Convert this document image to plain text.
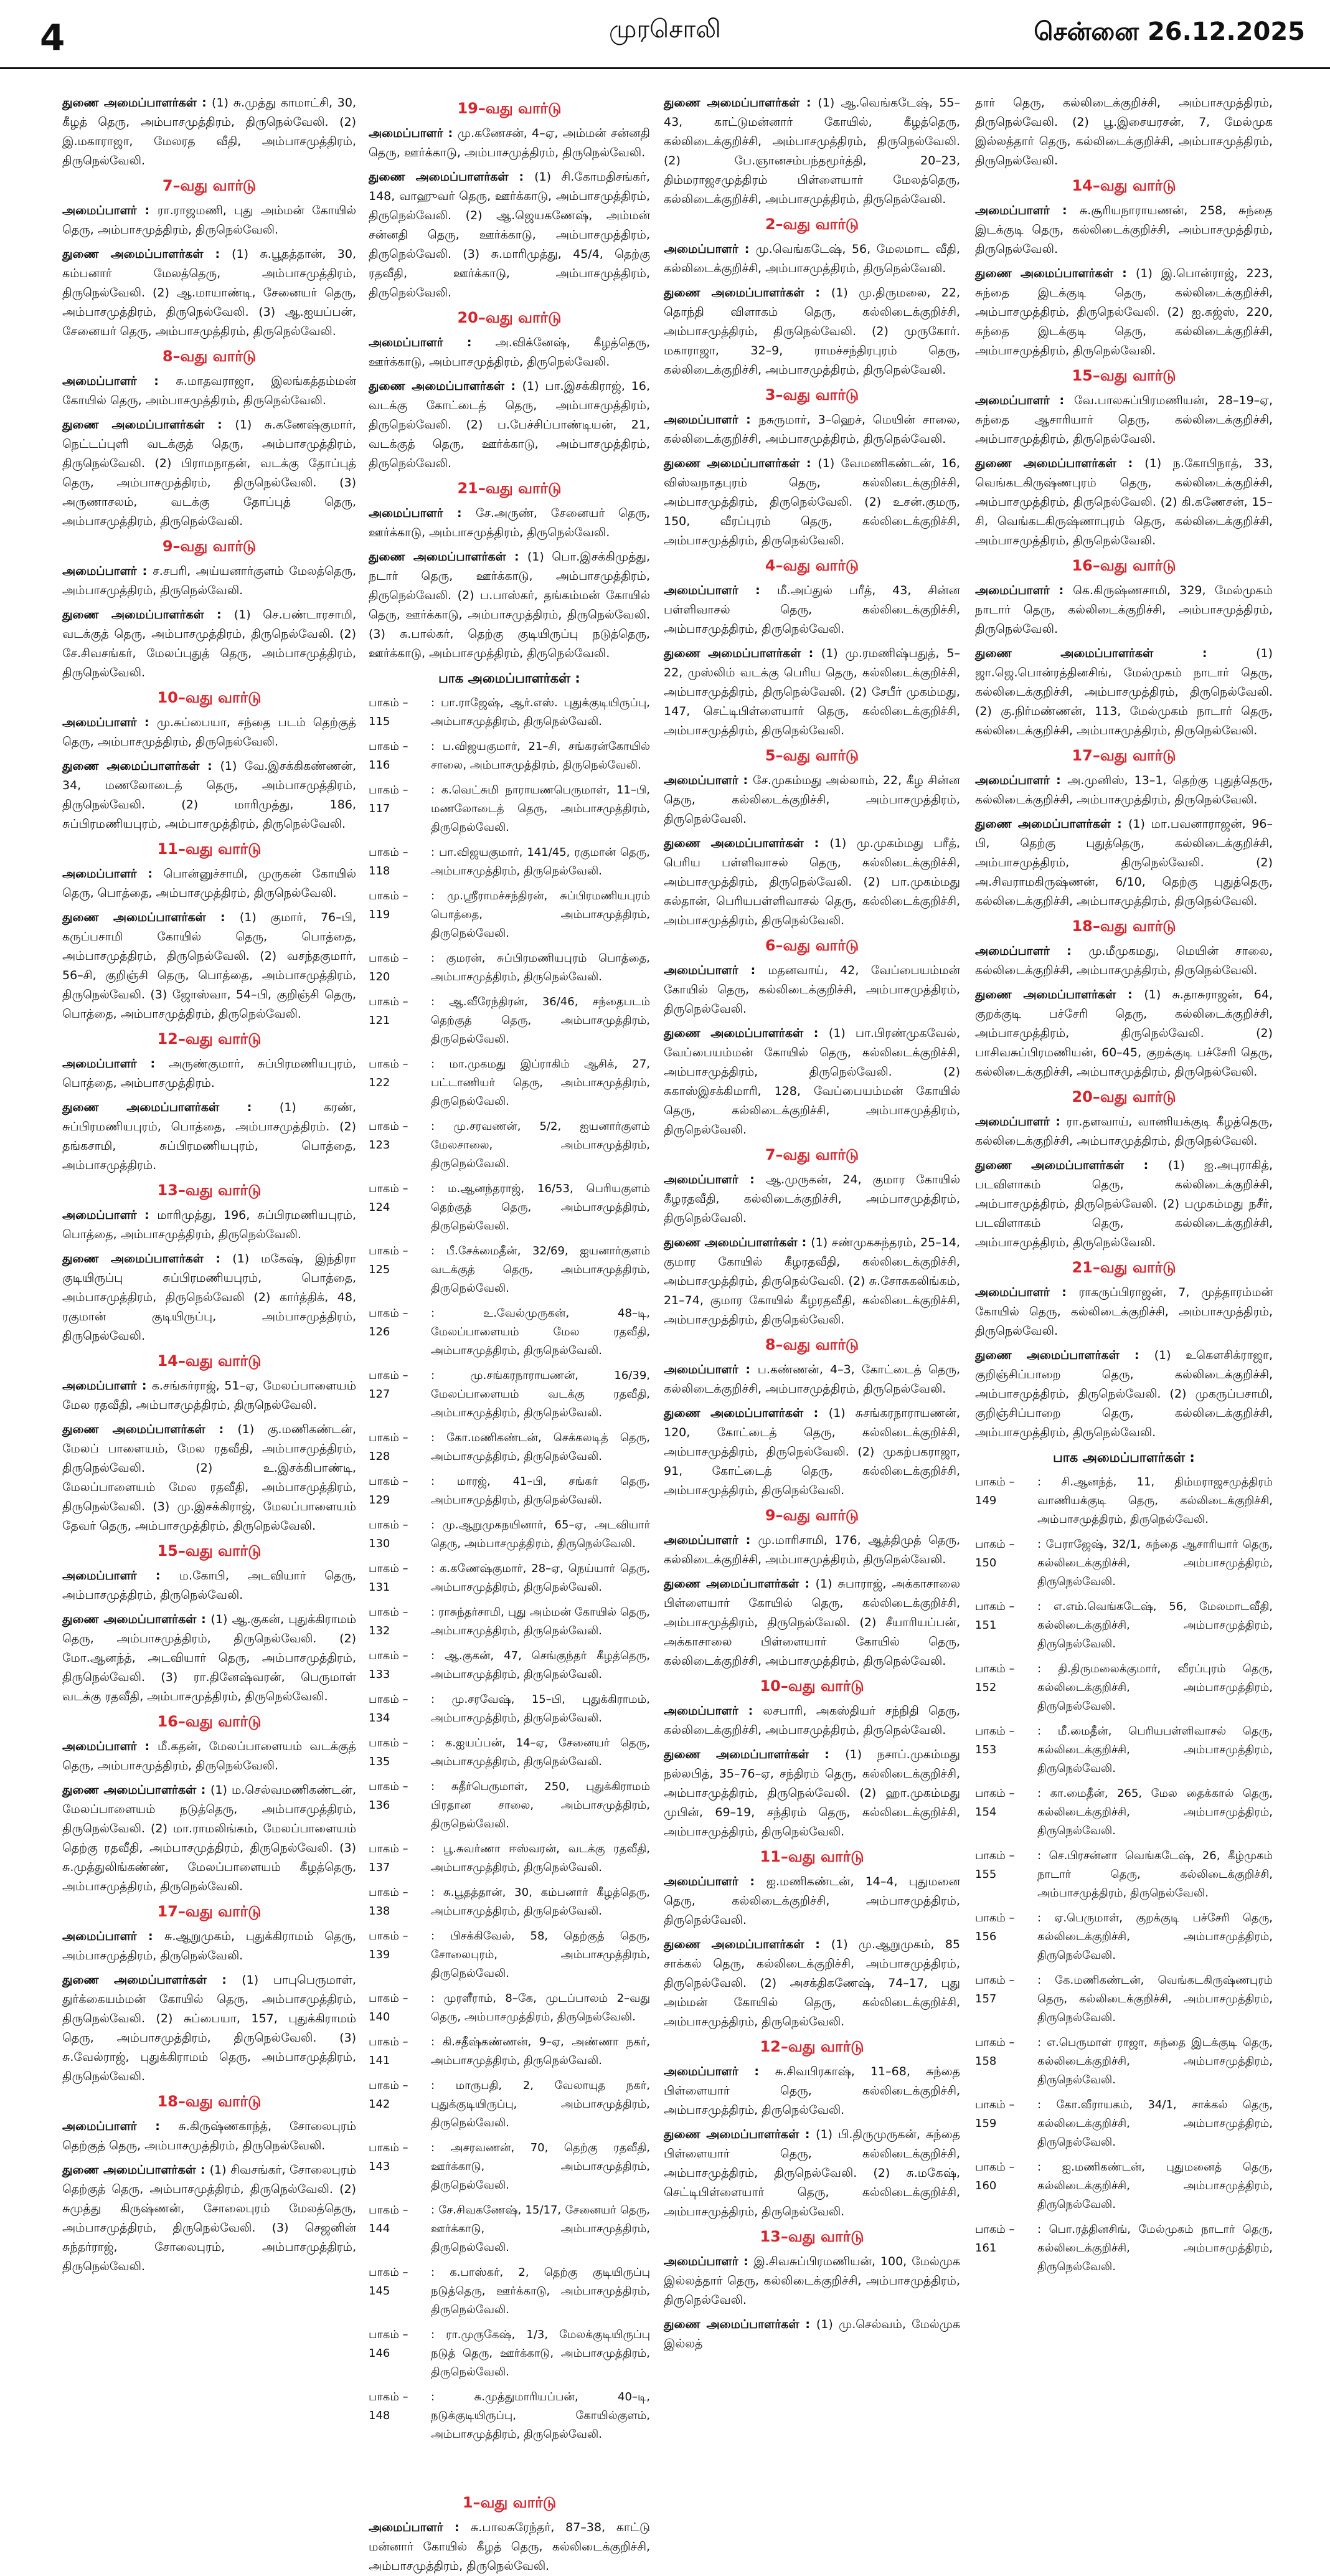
4	முரசொலி	சென்னை 26.12.2025

துணை அமைப்பாளர்கள் : (1) சு.முத்து காமாட்சி, 30, கீழத் தெரு, அம்பாசமுத்திரம், திருநெல்வேலி. (2) இ.மகாராஜா, மேலரத வீதி, அம்பாசமுத்திரம், திருநெல்வேலி.

7–வது வார்டு

அமைப்பாளர் : ரா.ராஜமணி, புது அம்மன் கோயில் தெரு, அம்பாசமுத்திரம், திருநெல்வேலி.

துணை அமைப்பாளர்கள் : (1) சு.பூதத்தான், 30, கம்பனார் மேலத்தெரு, அம்பாசமுத்திரம், திருநெல்வேலி. (2) ஆ.மாயாண்டி, சேனையர் தெரு, அம்பாசமுத்திரம், திருநெல்வேலி. (3) ஆ.ஐயப்பன், சேனையர் தெரு, அம்பாசமுத்திரம், திருநெல்வேலி.

8–வது வார்டு

அமைப்பாளர் : சு.மாதவராஜா, இலங்கத்தம்மன் கோயில் தெரு, அம்பாசமுத்திரம், திருநெல்வேலி.

துணை அமைப்பாளர்கள் : (1) சு.கணேஷ்குமார், நெட்டப்புளி வடக்குத் தெரு, அம்பாசமுத்திரம், திருநெல்வேலி. (2) பிராமநாதன், வடக்கு தோப்புத் தெரு, அம்பாசமுத்திரம், திருநெல்வேலி. (3) அருணாசலம், வடக்கு தோப்புத் தெரு, அம்பாசமுத்திரம், திருநெல்வேலி.

9–வது வார்டு

அமைப்பாளர் : ச.சபரி, அய்யனார்குளம் மேலத்தெரு, அம்பாசமுத்திரம், திருநெல்வேலி.

துணை அமைப்பாளர்கள் : (1) செ.பண்டாரசாமி, வடக்குத் தெரு, அம்பாசமுத்திரம், திருநெல்வேலி. (2) சே.சிவசங்கர், மேலப்புதுத் தெரு, அம்பாசமுத்திரம், திருநெல்வேலி.

10–வது வார்டு

அமைப்பாளர் : மு.சுப்பையா, சந்தை படம் தெற்குத் தெரு, அம்பாசமுத்திரம், திருநெல்வேலி.

துணை அமைப்பாளர்கள் : (1) வே.இசக்கிகண்ணன், 34, மணலோடைத் தெரு, அம்பாசமுத்திரம், திருநெல்வேலி. (2) மாரிமுத்து, 186, சுப்பிரமணியபுரம், அம்பாசமுத்திரம், திருநெல்வேலி.

11–வது வார்டு

அமைப்பாளர் : பொன்னுச்சாமி, முருகன் கோயில் தெரு, பொத்தை, அம்பாசமுத்திரம், திருநெல்வேலி.

துணை அமைப்பாளர்கள் : (1) குமார், 76–பி, கருப்பசாமி கோயில் தெரு, பொத்தை, அம்பாசமுத்திரம், திருநெல்வேலி. (2) வசந்தகுமார், 56–சி, குறிஞ்சி தெரு, பொத்தை, அம்பாசமுத்திரம், திருநெல்வேலி. (3) ஜோஸ்வா, 54–பி, குறிஞ்சி தெரு, பொத்தை, அம்பாசமுத்திரம், திருநெல்வேலி.

12–வது வார்டு

அமைப்பாளர் : அருண்குமார், சுப்பிரமணியபுரம், பொத்தை, அம்பாசமுத்திரம்.

துணை அமைப்பாளர்கள் : (1) கரண், சுப்பிரமணியபுரம், பொத்தை, அம்பாசமுத்திரம். (2) தங்கசாமி, சுப்பிரமணியபுரம், பொத்தை, அம்பாசமுத்திரம்.

13–வது வார்டு

அமைப்பாளர் : மாரிமுத்து, 196, சுப்பிரமணியபுரம், பொத்தை, அம்பாசமுத்திரம், திருநெல்வேலி.

துணை அமைப்பாளர்கள் : (1) மகேஷ், இந்திரா குடியிருப்பு சுப்பிரமணியபுரம், பொத்தை, அம்பாசமுத்திரம், திருநெல்வேலி (2) கார்த்திக், 48, ரகுமான் குடியிருப்பு, அம்பாசமுத்திரம், திருநெல்வேலி.

14–வது வார்டு

அமைப்பாளர் : க.சங்கர்ராஜ், 51–ஏ, மேலப்பாளையம் மேல ரதவீதி, அம்பாசமுத்திரம், திருநெல்வேலி.

துணை அமைப்பாளர்கள் : (1) கு.மணிகண்டன், மேலப் பாளையம், மேல ரதவீதி, அம்பாசமுத்திரம், திருநெல்வேலி. (2) உ.இசக்கிபாண்டி, மேலப்பாளையம் மேல ரதவீதி, அம்பாசமுத்திரம், திருநெல்வேலி. (3) மு.இசக்கிராஜ், மேலப்பாளையம் தேவர் தெரு, அம்பாசமுத்திரம், திருநெல்வேலி.

15–வது வார்டு

அமைப்பாளர் : ம.கோபி, அடவியார் தெரு, அம்பாசமுத்திரம், திருநெல்வேலி.

துணை அமைப்பாளர்கள் : (1) ஆ.குகன், புதுக்கிராமம் தெரு, அம்பாசமுத்திரம், திருநெல்வேலி. (2) மோ.ஆனந்த், அடவியார் தெரு, அம்பாசமுத்திரம், திருநெல்வேலி. (3) ரா.தினேஷ்வரன், பெருமாள் வடக்கு ரதவீதி, அம்பாசமுத்திரம், திருநெல்வேலி.

16–வது வார்டு

அமைப்பாளர் : மீ.கதன், மேலப்பாளையம் வடக்குத் தெரு, அம்பாசமுத்திரம், திருநெல்வேலி.

துணை அமைப்பாளர்கள் : (1) ம.செல்வமணிகண்டன், மேலப்பாளையம் நடுத்தெரு, அம்பாசமுத்திரம், திருநெல்வேலி. (2) மா.ராமலிங்கம், மேலப்பாளையம் தெற்கு ரதவீதி, அம்பாசமுத்திரம், திருநெல்வேலி. (3) சு.முத்துலிங்கண்ண், மேலப்பாளையம் கீழத்தெரு, அம்பாசமுத்திரம், திருநெல்வேலி.

17–வது வார்டு

அமைப்பாளர் : சு.ஆறுமுகம், புதுக்கிராமம் தெரு, அம்பாசமுத்திரம், திருநெல்வேலி.

துணை அமைப்பாளர்கள் : (1) பாபுபெருமாள், துர்க்கையம்மன் கோயில் தெரு, அம்பாசமுத்திரம், திருநெல்வேலி. (2) சுப்பையா, 157, புதுக்கிராமம் தெரு, அம்பாசமுத்திரம், திருநெல்வேலி. (3) சு.வேல்ராஜ், புதுக்கிராமம் தெரு, அம்பாசமுத்திரம், திருநெல்வேலி.

18–வது வார்டு

அமைப்பாளர் : சு.கிருஷ்ணகாந்த், சோலைபுரம் தெற்குத் தெரு, அம்பாசமுத்திரம், திருநெல்வேலி.

துணை அமைப்பாளர்கள் : (1) சிவசங்கர், சோலைபுரம் தெற்குத் தெரு, அம்பாசமுத்திரம், திருநெல்வேலி. (2) சுமுத்து கிருஷ்ணன், சோலைபுரம் மேலத்தெரு, அம்பாசமுத்திரம், திருநெல்வேலி. (3) செஜனின் சுந்தர்ராஜ், சோலைபுரம், அம்பாசமுத்திரம், திருநெல்வேலி.

19–வது வார்டு

அமைப்பாளர் : மு.கணேசன், 4–ஏ, அம்மன் சன்னதி தெரு, ஊர்க்காடு, அம்பாசமுத்திரம், திருநெல்வேலி.

துணை அமைப்பாளர்கள் : (1) சி.கோமதிசங்கர், 148, வாஹுவர் தெரு, ஊர்க்காடு, அம்பாசமுத்திரம், திருநெல்வேலி. (2) ஆ.ஜெயகணேஷ், அம்மன் சன்னதி தெரு, ஊர்க்காடு, அம்பாசமுத்திரம், திருநெல்வேலி. (3) சு.மாரிமுத்து, 45/4, தெற்கு ரதவீதி, ஊர்க்காடு, அம்பாசமுத்திரம், திருநெல்வேலி.

20–வது வார்டு

அமைப்பாளர் : அ.விக்னேஷ், கீழத்தெரு, ஊர்க்காடு, அம்பாசமுத்திரம், திருநெல்வேலி.

துணை அமைப்பாளர்கள் : (1) பா.இசக்கிராஜ், 16, வடக்கு கோட்டைத் தெரு, அம்பாசமுத்திரம், திருநெல்வேலி. (2) ப.பேச்சிப்பாண்டியன், 21, வடக்குத் தெரு, ஊர்க்காடு, அம்பாசமுத்திரம், திருநெல்வேலி.

21–வது வார்டு

அமைப்பாளர் : சே.அருண், சேனையர் தெரு, ஊர்க்காடு, அம்பாசமுத்திரம், திருநெல்வேலி.

துணை அமைப்பாளர்கள் : (1) பொ.இசக்கிமுத்து, நடார் தெரு, ஊர்க்காடு, அம்பாசமுத்திரம், திருநெல்வேலி. (2) ப.பாஸ்கர், தங்கம்மன் கோயில் தெரு, ஊர்க்காடு, அம்பாசமுத்திரம், திருநெல்வேலி. (3) சு.பால்கர், தெற்கு குடியிருப்பு நடுத்தெரு, ஊர்க்காடு, அம்பாசமுத்திரம், திருநெல்வேலி.

பாக அமைப்பாளர்கள் :
பாகம் – 115
: பா.ராஜேஷ், ஆர்.எஸ். புதுக்குடியிருப்பு, அம்பாசமுத்திரம், திருநெல்வேலி.
பாகம் – 116
: ப.விஜயகுமார், 21–சி, சங்கரன்கோயில் சாலை, அம்பாசமுத்திரம், திருநெல்வேலி.
பாகம் – 117
: க.வெட்சுமி நாராயணபெருமாள், 11–பி, மணலோடைத் தெரு, அம்பாசமுத்திரம், திருநெல்வேலி.
பாகம் – 118
: பா.விஜயகுமார், 141/45, ரகுமான் தெரு, அம்பாசமுத்திரம், திருநெல்வேலி.
பாகம் – 119
: மு.ஸ்ரீராமச்சந்திரன், சுப்பிரமணியபுரம் பொத்தை, அம்பாசமுத்திரம், திருநெல்வேலி.
பாகம் – 120
: குமரன், சுப்பிரமணியபுரம் பொத்தை, அம்பாசமுத்திரம், திருநெல்வேலி.
பாகம் – 121
: ஆ.வீரேந்திரன், 36/46, சந்தைபடம் தெற்குத் தெரு, அம்பாசமுத்திரம், திருநெல்வேலி.
பாகம் – 122
: மா.முகமது இப்ராகிம் ஆசிக், 27, பட்டாணியர் தெரு, அம்பாசமுத்திரம், திருநெல்வேலி.
பாகம் – 123
: மு.சரவணன், 5/2, ஐயனார்குளம் மேலசாலை, அம்பாசமுத்திரம், திருநெல்வேலி.
பாகம் – 124
: ம.ஆனந்தராஜ், 16/53, பெரியகுளம் தெற்குத் தெரு, அம்பாசமுத்திரம், திருநெல்வேலி.
பாகம் – 125
: பீ.சேக்மைதீன், 32/69, ஐயனார்குளம் வடக்குத் தெரு, அம்பாசமுத்திரம், திருநெல்வேலி.
பாகம் – 126
: உ.வேல்முருகன், 48–டி, மேலப்பாளையம் மேல ரதவீதி, அம்பாசமுத்திரம், திருநெல்வேலி.
பாகம் – 127
: மு.சங்கரநாராயணன், 16/39, மேலப்பாளையம் வடக்கு ரதவீதி, அம்பாசமுத்திரம், திருநெல்வேலி.
பாகம் – 128
: கோ.மணிகண்டன், செக்கலடித் தெரு, அம்பாசமுத்திரம், திருநெல்வேலி.
பாகம் – 129
: மாரஜ், 41–பி, சங்கர் தெரு, அம்பாசமுத்திரம், திருநெல்வேலி.
பாகம் – 130
: மு.ஆறுமுகநயினார், 65–ஏ, அடவியார் தெரு, அம்பாசமுத்திரம், திருநெல்வேலி.
பாகம் – 131
: க.கணேஷ்குமார், 28–ஏ, நெய்யார் தெரு, அம்பாசமுத்திரம், திருநெல்வேலி.
பாகம் – 132
: ராசுந்தர்சாமி, புது அம்மன் கோயில் தெரு, அம்பாசமுத்திரம், திருநெல்வேலி.
பாகம் – 133
: ஆ.குகன், 47, செங்குந்தர் கீழத்தெரு, அம்பாசமுத்திரம், திருநெல்வேலி.
பாகம் – 134
: மு.சரவேஷ், 15–பி, புதுக்கிராமம், அம்பாசமுத்திரம், திருநெல்வேலி.
பாகம் – 135
: க.ஐயப்பன், 14–ஏ, சேனையர் தெரு, அம்பாசமுத்திரம், திருநெல்வேலி.
பாகம் – 136
: சுதீர்பெருமாள், 250, புதுக்கிராமம் பிரதான சாலை, அம்பாசமுத்திரம், திருநெல்வேலி.
பாகம் – 137
: பூ.சுவர்ணா ஈஸ்வரன், வடக்கு ரதவீதி, அம்பாசமுத்திரம், திருநெல்வேலி.
பாகம் – 138
: சு.பூதத்தான், 30, கம்பனார் கீழத்தெரு, அம்பாசமுத்திரம், திருநெல்வேலி.
பாகம் – 139
: பிசக்கிவேல், 58, தெற்குத் தெரு, சோலைபுரம், அம்பாசமுத்திரம், திருநெல்வேலி.
பாகம் – 140
: முரளீராம், 8–கே, முடப்பாலம் 2–வது தெரு, அம்பாசமுத்திரம், திருநெல்வேலி.
பாகம் – 141
: கி.சதீஷ்கண்ணன், 9–ஏ, அண்ணா நகர், அம்பாசமுத்திரம், திருநெல்வேலி.
பாகம் – 142
: மாருபதி, 2, வேலாயுத நகர், புதுக்குடியிருப்பு, அம்பாசமுத்திரம், திருநெல்வேலி.
பாகம் – 143
: அசரவணன், 70, தெற்கு ரதவீதி, ஊர்க்காடு, அம்பாசமுத்திரம், திருநெல்வேலி.
பாகம் – 144
: சே.சிவகணேஷ், 15/17, சேனையர் தெரு, ஊர்க்காடு, அம்பாசமுத்திரம், திருநெல்வேலி.
பாகம் – 145
: க.பாஸ்கர், 2, தெற்கு குடியிருப்பு நடுத்தெரு, ஊர்க்காடு, அம்பாசமுத்திரம், திருநெல்வேலி.
பாகம் – 146
: ரா.முருகேஷ், 1/3, மேலக்குடியிருப்பு நடுத் தெரு, ஊர்க்காடு, அம்பாசமுத்திரம், திருநெல்வேலி.
பாகம் – 148
: சு.முத்துமாரியப்பன், 40–டி, நடுக்குடியிருப்பு, கோயில்குளம், அம்பாசமுத்திரம், திருநெல்வேலி.
1–வது வார்டு

அமைப்பாளர் : சு.பாலசுரேந்தர், 87–38, காட்டு மன்னார் கோயில் கீழத் தெரு, கல்லிடைக்குறிச்சி, அம்பாசமுத்திரம், திருநெல்வேலி.

துணை அமைப்பாளர்கள் : (1) ஆ.வெங்கடேஷ், 55–43, காட்டுமன்னார் கோயில், கீழத்தெரு, கல்லிடைக்குறிச்சி, அம்பாசமுத்திரம், திருநெல்வேலி. (2) பே.ஞானசம்பந்தமூர்த்தி, 20–23, திம்மராஜசமுத்திரம் பிள்ளையார் மேலத்தெரு, கல்லிடைக்குறிச்சி, அம்பாசமுத்திரம், திருநெல்வேலி.

2–வது வார்டு

அமைப்பாளர் : மு.வெங்கடேஷ், 56, மேலமாட வீதி, கல்லிடைக்குறிச்சி, அம்பாசமுத்திரம், திருநெல்வேலி.

துணை அமைப்பாளர்கள் : (1) மு.திருமலை, 22, தொந்தி விளாகம் தெரு, கல்லிடைக்குறிச்சி, அம்பாசமுத்திரம், திருநெல்வேலி. (2) முருகோர். மகாராஜா, 32–9, ராமச்சந்திரபுரம் தெரு, கல்லிடைக்குறிச்சி, அம்பாசமுத்திரம், திருநெல்வேலி.

3–வது வார்டு

அமைப்பாளர் : நசுருமார், 3–ஹெச், மெயின் சாலை, கல்லிடைக்குறிச்சி, அம்பாசமுத்திரம், திருநெல்வேலி.

துணை அமைப்பாளர்கள் : (1) வேமணிகண்டன், 16, விஸ்வநாதபுரம் தெரு, கல்லிடைக்குறிச்சி, அம்பாசமுத்திரம், திருநெல்வேலி. (2) உசன்.குமரு, 150, வீரப்புரம் தெரு, கல்லிடைக்குறிச்சி, அம்பாசமுத்திரம், திருநெல்வேலி.

4–வது வார்டு

அமைப்பாளர் : மீ.அப்துல் பரீத், 43, சின்ன பள்ளிவாசல் தெரு, கல்லிடைக்குறிச்சி, அம்பாசமுத்திரம், திருநெல்வேலி.

துணை அமைப்பாளர்கள் : (1) மு.ரமணிஷ்பதுத், 5–22, முஸ்லிம் வடக்கு பெரிய தெரு, கல்லிடைக்குறிச்சி, அம்பாசமுத்திரம், திருநெல்வேலி. (2) சேபீர் முகம்மது, 147, செட்டிபிள்ளையார் தெரு, கல்லிடைக்குறிச்சி, அம்பாசமுத்திரம், திருநெல்வேலி.

5–வது வார்டு

அமைப்பாளர் : சே.முகம்மது அல்லாம், 22, கீழ சின்ன தெரு, கல்லிடைக்குறிச்சி, அம்பாசமுத்திரம், திருநெல்வேலி.

துணை அமைப்பாளர்கள் : (1) மு.முகம்மது பரீத், பெரிய பள்ளிவாசல் தெரு, கல்லிடைக்குறிச்சி, அம்பாசமுத்திரம், திருநெல்வேலி. (2) பா.முகம்மது சுல்தான், பெரியபள்ளிவாசல் தெரு, கல்லிடைக்குறிச்சி, அம்பாசமுத்திரம், திருநெல்வேலி.

6–வது வார்டு

அமைப்பாளர் : மதனவாய், 42, வேப்பையம்மன் கோயில் தெரு, கல்லிடைக்குறிச்சி, அம்பாசமுத்திரம், திருநெல்வேலி.

துணை அமைப்பாளர்கள் : (1) பா.பிரண்முகவேல், வேப்பையம்மன் கோயில் தெரு, கல்லிடைக்குறிச்சி, அம்பாசமுத்திரம், திருநெல்வேலி. (2) சுகாஸ்இசக்கிமாரி, 128, வேப்பையம்மன் கோயில் தெரு, கல்லிடைக்குறிச்சி, அம்பாசமுத்திரம், திருநெல்வேலி.

7–வது வார்டு

அமைப்பாளர் : ஆ.முருகன், 24, குமார கோயில் கீழரதவீதி, கல்லிடைக்குறிச்சி, அம்பாசமுத்திரம், திருநெல்வேலி.

துணை அமைப்பாளர்கள் : (1) சண்முகசுந்தரம், 25–14, குமார கோயில் கீழரதவீதி, கல்லிடைக்குறிச்சி, அம்பாசமுத்திரம், திருநெல்வேலி. (2) சு.சோசுகலிங்கம், 21–74, குமார கோயில் கீழரதவீதி, கல்லிடைக்குறிச்சி, அம்பாசமுத்திரம், திருநெல்வேலி.

8–வது வார்டு

அமைப்பாளர் : ப.கண்ணன், 4–3, கோட்டைத் தெரு, கல்லிடைக்குறிச்சி, அம்பாசமுத்திரம், திருநெல்வேலி.

துணை அமைப்பாளர்கள் : (1) சுசங்கரநாராயணன், 120, கோட்டைத் தெரு, கல்லிடைக்குறிச்சி, அம்பாசமுத்திரம், திருநெல்வேலி. (2) முகற்பகராஜா, 91, கோட்டைத் தெரு, கல்லிடைக்குறிச்சி, அம்பாசமுத்திரம், திருநெல்வேலி.

9–வது வார்டு

அமைப்பாளர் : மு.மாரிசாமி, 176, ஆத்திமுத் தெரு, கல்லிடைக்குறிச்சி, அம்பாசமுத்திரம், திருநெல்வேலி.

துணை அமைப்பாளர்கள் : (1) சுபாராஜ், அக்காசாலை பிள்ளையார் கோயில் தெரு, கல்லிடைக்குறிச்சி, அம்பாசமுத்திரம், திருநெல்வேலி. (2) சீயாரியப்பன், அக்காசாலை பிள்ளையார் கோயில் தெரு, கல்லிடைக்குறிச்சி, அம்பாசமுத்திரம், திருநெல்வேலி.

10–வது வார்டு

அமைப்பாளர் : லசபாரி, அகஸ்தியர் சந்நிதி தெரு, கல்லிடைக்குறிச்சி, அம்பாசமுத்திரம், திருநெல்வேலி.

துணை அமைப்பாளர்கள் : (1) நசாப்.முகம்மது நல்லபித், 35–76–ஏ, சந்திரம் தெரு, கல்லிடைக்குறிச்சி, அம்பாசமுத்திரம், திருநெல்வேலி. (2) ஹா.முகம்மது முபின், 69–19, சந்திரம் தெரு, கல்லிடைக்குறிச்சி, அம்பாசமுத்திரம், திருநெல்வேலி.

11–வது வார்டு

அமைப்பாளர் : ஐ.மணிகண்டன், 14–4, புதுமனை தெரு, கல்லிடைக்குறிச்சி, அம்பாசமுத்திரம், திருநெல்வேலி.

துணை அமைப்பாளர்கள் : (1) மு.ஆறுமுகம், 85 சாக்கல் தெரு, கல்லிடைக்குறிச்சி, அம்பாசமுத்திரம், திருநெல்வேலி. (2) அசக்திகணேஷ், 74–17, புது அம்மன் கோயில் தெரு, கல்லிடைக்குறிச்சி, அம்பாசமுத்திரம், திருநெல்வேலி.

12–வது வார்டு

அமைப்பாளர் : சு.சிவபிரகாஷ், 11–68, சுந்தை பிள்ளையார் தெரு, கல்லிடைக்குறிச்சி, அம்பாசமுத்திரம், திருநெல்வேலி.

துணை அமைப்பாளர்கள் : (1) பி.திருமுருகன், சுந்தை பிள்ளையார் தெரு, கல்லிடைக்குறிச்சி, அம்பாசமுத்திரம், திருநெல்வேலி. (2) சு.மகேஷ், செட்டிபிள்ளையார் தெரு, கல்லிடைக்குறிச்சி, அம்பாசமுத்திரம், திருநெல்வேலி.

13–வது வார்டு

அமைப்பாளர் : இ.சிவசுப்பிரமணியன், 100, மேல்முக இல்லத்தார் தெரு, கல்லிடைக்குறிச்சி, அம்பாசமுத்திரம், திருநெல்வேலி.

துணை அமைப்பாளர்கள் : (1) மு.செல்வம், மேல்முக இல்லத்

தார் தெரு, கல்லிடைக்குறிச்சி, அம்பாசமுத்திரம், திருநெல்வேலி. (2) பூ.இசையரசன், 7, மேல்முக இல்லத்தார் தெரு, கல்லிடைக்குறிச்சி, அம்பாசமுத்திரம், திருநெல்வேலி.

14–வது வார்டு

அமைப்பாளர் : சு.சூரியநாராயணன், 258, சுந்தை இடக்குடி தெரு, கல்லிடைக்குறிச்சி, அம்பாசமுத்திரம், திருநெல்வேலி.

துணை அமைப்பாளர்கள் : (1) இ.பொன்ராஜ், 223, சுந்தை இடக்குடி தெரு, கல்லிடைக்குறிச்சி, அம்பாசமுத்திரம், திருநெல்வேலி. (2) ஐ.சுஜ்ஸ், 220, சுந்தை இடக்குடி தெரு, கல்லிடைக்குறிச்சி, அம்பாசமுத்திரம், திருநெல்வேலி.

15–வது வார்டு

அமைப்பாளர் : வே.பாலசுப்பிரமணியன், 28–19–ஏ, சுந்தை ஆசாரியார் தெரு, கல்லிடைக்குறிச்சி, அம்பாசமுத்திரம், திருநெல்வேலி.

துணை அமைப்பாளர்கள் : (1) ந.கோபிநாத், 33, வெங்கடகிருஷ்ணபுரம் தெரு, கல்லிடைக்குறிச்சி, அம்பாசமுத்திரம், திருநெல்வேலி. (2) கி.கணேசன், 15–சி, வெங்கடகிருஷ்ணாபுரம் தெரு, கல்லிடைக்குறிச்சி, அம்பாசமுத்திரம், திருநெல்வேலி.

16–வது வார்டு

அமைப்பாளர் : கெ.கிருஷ்ணசாமி, 329, மேல்முகம் நாடார் தெரு, கல்லிடைக்குறிச்சி, அம்பாசமுத்திரம், திருநெல்வேலி.

துணை அமைப்பாளர்கள் : (1) ஜா.ஜெ.பொன்ரத்தினசிங், மேல்முகம் நாடார் தெரு, கல்லிடைக்குறிச்சி, அம்பாசமுத்திரம், திருநெல்வேலி. (2) கு.நிர்மண்ணன், 113, மேல்முகம் நாடார் தெரு, கல்லிடைக்குறிச்சி, அம்பாசமுத்திரம், திருநெல்வேலி.

17–வது வார்டு

அமைப்பாளர் : அ.முனிஸ், 13–1, தெற்கு புதுத்தெரு, கல்லிடைக்குறிச்சி, அம்பாசமுத்திரம், திருநெல்வேலி.

துணை அமைப்பாளர்கள் : (1) மா.பவனாராஜன், 96–பி, தெற்கு புதுத்தெரு, கல்லிடைக்குறிச்சி, அம்பாசமுத்திரம், திருநெல்வேலி. (2) அ.சிவராமகிருஷ்ணன், 6/10, தெற்கு புதுத்தெரு, கல்லிடைக்குறிச்சி, அம்பாசமுத்திரம், திருநெல்வேலி.

18–வது வார்டு

அமைப்பாளர் : மு.மீமுகமது, மெயின் சாலை, கல்லிடைக்குறிச்சி, அம்பாசமுத்திரம், திருநெல்வேலி.

துணை அமைப்பாளர்கள் : (1) சு.தாசுராஜன், 64, குறக்குடி பச்சேரி தெரு, கல்லிடைக்குறிச்சி, அம்பாசமுத்திரம், திருநெல்வேலி. (2) பாசிவசுப்பிரமணியன், 60–45, குறக்குடி பச்சேரி தெரு, கல்லிடைக்குறிச்சி, அம்பாசமுத்திரம், திருநெல்வேலி.

20–வது வார்டு

அமைப்பாளர் : ரா.தளவாய், வாணியக்குடி கீழத்தெரு, கல்லிடைக்குறிச்சி, அம்பாசமுத்திரம், திருநெல்வேலி.

துணை அமைப்பாளர்கள் : (1) ஐ.அபுராகித், படவிளாகம் தெரு, கல்லிடைக்குறிச்சி, அம்பாசமுத்திரம், திருநெல்வேலி. (2) பமுகம்மது நசீர், படவிளாகம் தெரு, கல்லிடைக்குறிச்சி, அம்பாசமுத்திரம், திருநெல்வேலி.

21–வது வார்டு

அமைப்பாளர் : ராகருப்பிராஜன், 7, முத்தாரம்மன் கோயில் தெரு, கல்லிடைக்குறிச்சி, அம்பாசமுத்திரம், திருநெல்வேலி.

துணை அமைப்பாளர்கள் : (1) உகௌசிக்ராஜா, குறிஞ்சிப்பாறை தெரு, கல்லிடைக்குறிச்சி, அம்பாசமுத்திரம், திருநெல்வேலி. (2) முகருப்பசாமி, குறிஞ்சிப்பாறை தெரு, கல்லிடைக்குறிச்சி, அம்பாசமுத்திரம், திருநெல்வேலி.

பாக அமைப்பாளர்கள் :
பாகம் – 149
: சி.ஆனந்த், 11, திம்மராஜசமுத்திரம் வாணியக்குடி தெரு, கல்லிடைக்குறிச்சி, அம்பாசமுத்திரம், திருநெல்வேலி.
பாகம் – 150
: பேராஜேஷ், 32/1, சுந்தை ஆசாரியார் தெரு, கல்லிடைக்குறிச்சி, அம்பாசமுத்திரம், திருநெல்வேலி.
பாகம் – 151
: எ.எம்.வெங்கடேஷ், 56, மேலமாடவீதி, கல்லிடைக்குறிச்சி, அம்பாசமுத்திரம், திருநெல்வேலி.
பாகம் – 152
: தி.திருமலைக்குமார், வீரப்புரம் தெரு, கல்லிடைக்குறிச்சி, அம்பாசமுத்திரம், திருநெல்வேலி.
பாகம் – 153
: மீ.மைதீன், பெரியபள்ளிவாசல் தெரு, கல்லிடைக்குறிச்சி, அம்பாசமுத்திரம், திருநெல்வேலி.
பாகம் – 154
: கா.மைதீன், 265, மேல தைக்கால் தெரு, கல்லிடைக்குறிச்சி, அம்பாசமுத்திரம், திருநெல்வேலி.
பாகம் – 155
: செ.பிரசன்னா வெங்கடேஷ், 26, கீழ்முகம் நாடார் தெரு, கல்லிடைக்குறிச்சி, அம்பாசமுத்திரம், திருநெல்வேலி.
பாகம் – 156
: ஏ.பெருமாள், குறக்குடி பச்சேரி தெரு, கல்லிடைக்குறிச்சி, அம்பாசமுத்திரம், திருநெல்வேலி.
பாகம் – 157
: கே.மணிகண்டன், வெங்கடகிருஷ்ணபுரம் தெரு, கல்லிடைக்குறிச்சி, அம்பாசமுத்திரம், திருநெல்வேலி.
பாகம் – 158
: எ.பெருமாள் ராஜா, சுந்தை இடக்குடி தெரு, கல்லிடைக்குறிச்சி, அம்பாசமுத்திரம், திருநெல்வேலி.
பாகம் – 159
: கோ.வீராயகம், 34/1, சாக்கல் தெரு, கல்லிடைக்குறிச்சி, அம்பாசமுத்திரம், திருநெல்வேலி.
பாகம் – 160
: ஐ.மணிகண்டன், புதுமனைத் தெரு, கல்லிடைக்குறிச்சி, அம்பாசமுத்திரம், திருநெல்வேலி.
பாகம் – 161
: பொ.ரத்தினசிங், மேல்முகம் நாடார் தெரு, கல்லிடைக்குறிச்சி, அம்பாசமுத்திரம், திருநெல்வேலி.
